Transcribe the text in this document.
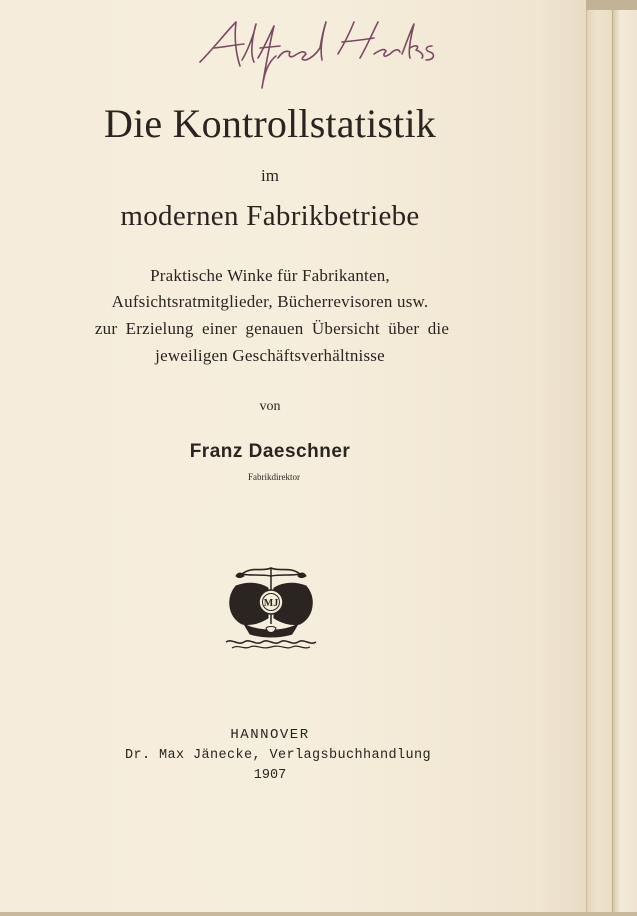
Die Kontrollstatistik
im
modernen Fabrikbetriebe
Praktische Winke für Fabrikanten,
Aufsichtsratmitglieder, Bücherrevisoren usw.
zur Erzielung einer genauen Übersicht über die
jeweiligen Geschäftsverhältnisse
von
Franz Daeschner
Fabrikdirektor
MJ
HANNOVER
Dr. Max Jänecke, Verlagsbuchhandlung
1907
